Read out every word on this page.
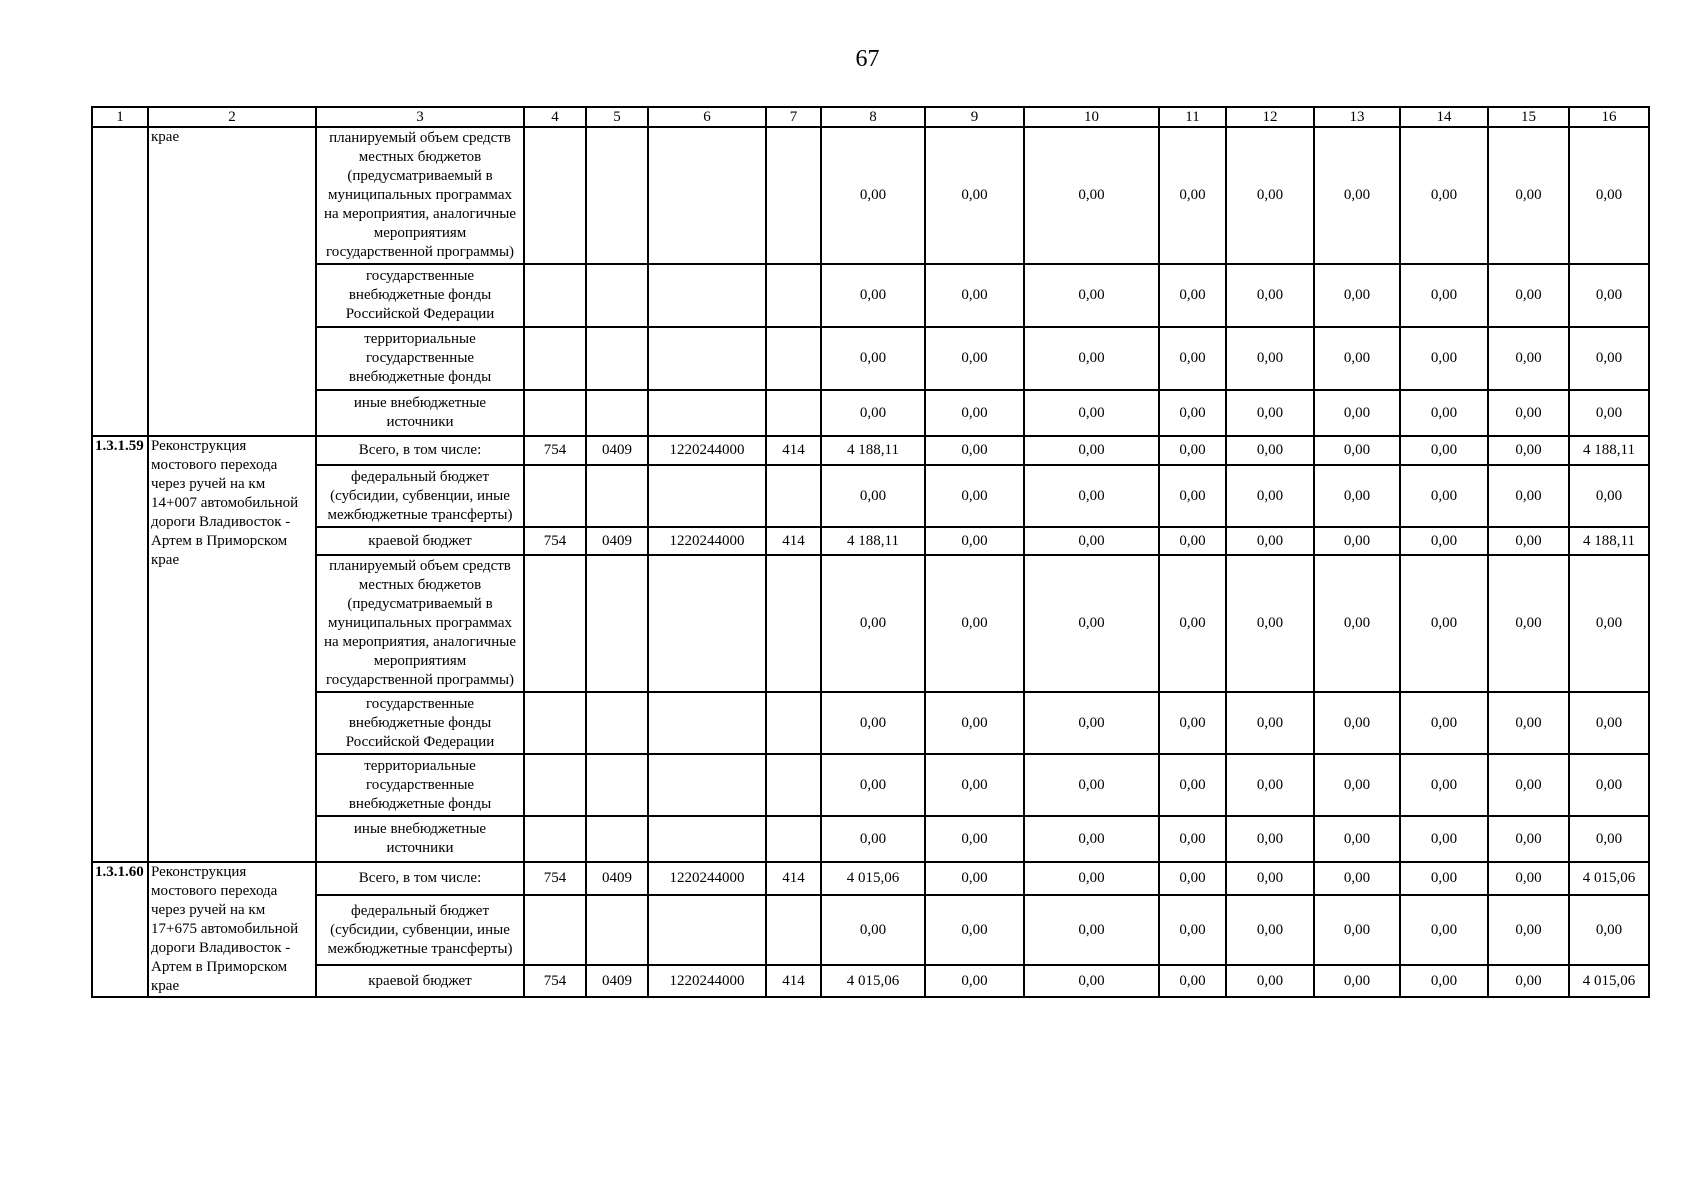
67
1	2	3	4	5	6	7	8	9	10	11	12	13	14	15	16
	крае	планируемый объем средств местных бюджетов (предусматриваемый в муниципальных программах на мероприятия, аналогичные мероприятиям государственной программы)					0,00	0,00	0,00	0,00	0,00	0,00	0,00	0,00	0,00
		государственные внебюджетные фонды Российской Федерации					0,00	0,00	0,00	0,00	0,00	0,00	0,00	0,00	0,00
		территориальные государственные внебюджетные фонды					0,00	0,00	0,00	0,00	0,00	0,00	0,00	0,00	0,00
		иные внебюджетные источники					0,00	0,00	0,00	0,00	0,00	0,00	0,00	0,00	0,00
1.3.1.59	Реконструкция мостового перехода через ручей на км 14+007 автомобильной дороги Владивосток - Артем в Приморском крае	Всего, в том числе:	754	0409	1220244000	414	4 188,11	0,00	0,00	0,00	0,00	0,00	0,00	0,00	4 188,11
		федеральный бюджет (субсидии, субвенции, иные межбюджетные трансферты)					0,00	0,00	0,00	0,00	0,00	0,00	0,00	0,00	0,00
		краевой бюджет	754	0409	1220244000	414	4 188,11	0,00	0,00	0,00	0,00	0,00	0,00	0,00	4 188,11
		планируемый объем средств местных бюджетов (предусматриваемый в муниципальных программах на мероприятия, аналогичные мероприятиям государственной программы)					0,00	0,00	0,00	0,00	0,00	0,00	0,00	0,00	0,00
		государственные внебюджетные фонды Российской Федерации					0,00	0,00	0,00	0,00	0,00	0,00	0,00	0,00	0,00
		территориальные государственные внебюджетные фонды					0,00	0,00	0,00	0,00	0,00	0,00	0,00	0,00	0,00
		иные внебюджетные источники					0,00	0,00	0,00	0,00	0,00	0,00	0,00	0,00	0,00
1.3.1.60	Реконструкция мостового перехода через ручей на км 17+675 автомобильной дороги Владивосток - Артем в Приморском крае	Всего, в том числе:	754	0409	1220244000	414	4 015,06	0,00	0,00	0,00	0,00	0,00	0,00	0,00	4 015,06
		федеральный бюджет (субсидии, субвенции, иные межбюджетные трансферты)					0,00	0,00	0,00	0,00	0,00	0,00	0,00	0,00	0,00
		краевой бюджет	754	0409	1220244000	414	4 015,06	0,00	0,00	0,00	0,00	0,00	0,00	0,00	4 015,06
